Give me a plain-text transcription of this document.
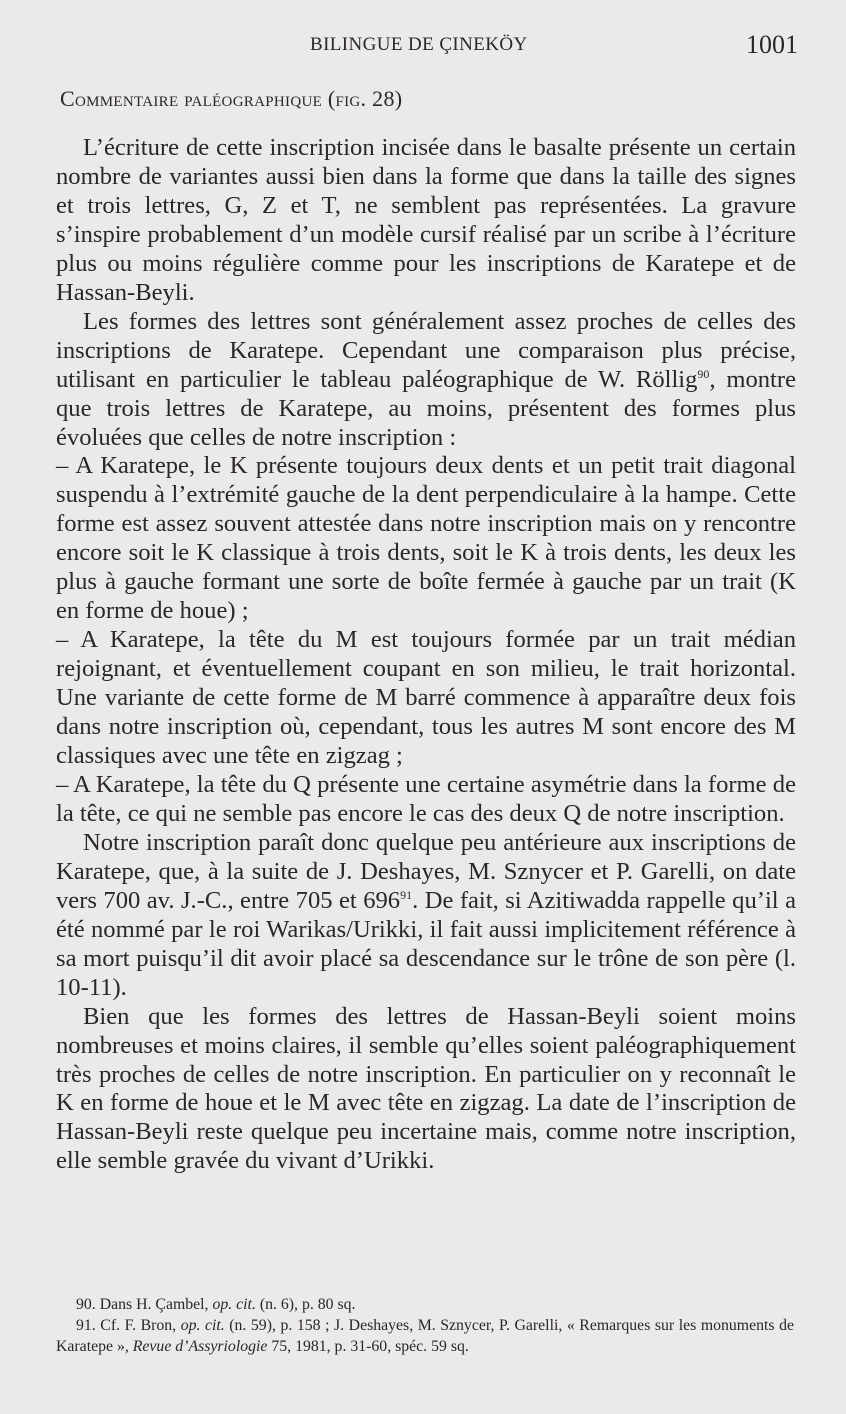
BILINGUE DE ÇINEKÖY	1001
Commentaire paléographique (fig. 28)

L’écriture de cette inscription incisée dans le basalte présente un certain nombre de variantes aussi bien dans la forme que dans la taille des signes et trois lettres, G, Z et T, ne semblent pas représentées. La gravure s’inspire probablement d’un modèle cursif réalisé par un scribe à l’écriture plus ou moins régulière comme pour les inscriptions de Karatepe et de Hassan-Beyli.

Les formes des lettres sont généralement assez proches de celles des inscriptions de Karatepe. Cependant une comparaison plus précise, utilisant en particulier le tableau paléographique de W. Röllig$^{90}$, montre que trois lettres de Karatepe, au moins, présentent des formes plus évoluées que celles de notre inscription :

– A Karatepe, le K présente toujours deux dents et un petit trait diagonal suspendu à l’extrémité gauche de la dent perpendiculaire à la hampe. Cette forme est assez souvent attestée dans notre inscription mais on y rencontre encore soit le K classique à trois dents, soit le K à trois dents, les deux les plus à gauche formant une sorte de boîte fermée à gauche par un trait (K en forme de houe) ;

– A Karatepe, la tête du M est toujours formée par un trait médian rejoignant, et éventuellement coupant en son milieu, le trait horizontal. Une variante de cette forme de M barré commence à apparaître deux fois dans notre inscription où, cependant, tous les autres M sont encore des M classiques avec une tête en zigzag ;

– A Karatepe, la tête du Q présente une certaine asymétrie dans la forme de la tête, ce qui ne semble pas encore le cas des deux Q de notre inscription.

Notre inscription paraît donc quelque peu antérieure aux inscriptions de Karatepe, que, à la suite de J. Deshayes, M. Sznycer et P. Garelli, on date vers 700 av. J.-C., entre 705 et $696^{91}$. De fait, si Azitiwadda rappelle qu’il a été nommé par le roi Warikas/Urikki, il fait aussi implicitement référence à sa mort puisqu’il dit avoir placé sa descendance sur le trône de son père (l. 10-11).

Bien que les formes des lettres de Hassan-Beyli soient moins nombreuses et moins claires, il semble qu’elles soient paléographiquement très proches de celles de notre inscription. En particulier on y reconnaît le K en forme de houe et le M avec tête en zigzag. La date de l’inscription de Hassan-Beyli reste quelque peu incertaine mais, comme notre inscription, elle semble gravée du vivant d’Urikki.

90. Dans H. Çambel, op. cit. (n. 6), p. 80 sq.

91. Cf. F. Bron, op. cit. (n. 59), p. 158 ; J. Deshayes, M. Sznycer, P. Garelli, « Remarques sur les monuments de Karatepe », Revue d’Assyriologie 75, 1981, p. 31-60, spéc. 59 sq.
